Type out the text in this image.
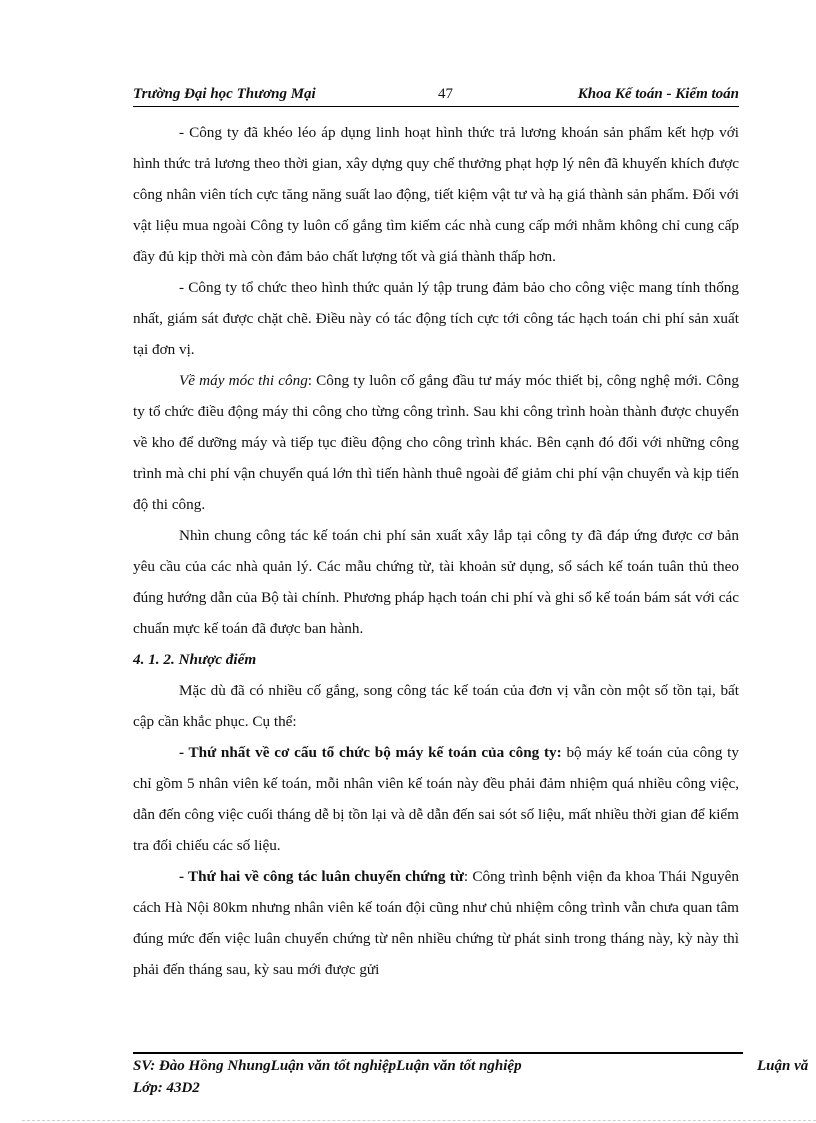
Trường Đại học Thương Mại	47	Khoa Kế toán - Kiểm toán

- Công ty đã khéo léo áp dụng linh hoạt hình thức trả lương khoán sản phẩm kết hợp với hình thức trả lương theo thời gian, xây dựng quy chế thưởng phạt hợp lý nên đã khuyến khích được công nhân viên tích cực tăng năng suất lao động, tiết kiệm vật tư và hạ giá thành sản phẩm. Đối với vật liệu mua ngoài Công ty luôn cố gắng tìm kiếm các nhà cung cấp mới nhằm không chỉ cung cấp đầy đủ kịp thời mà còn đảm bảo chất lượng tốt và giá thành thấp hơn.

- Công ty tổ chức theo hình thức quản lý tập trung đảm bảo cho công việc mang tính thống nhất, giám sát được chặt chẽ. Điều này có tác động tích cực tới công tác hạch toán chi phí sản xuất tại đơn vị.

Về máy móc thi công: Công ty luôn cố gắng đầu tư máy móc thiết bị, công nghệ mới. Công ty tổ chức điều động máy thi công cho từng công trình. Sau khi công trình hoàn thành được chuyển về kho để dưỡng máy và tiếp tục điều động cho công trình khác. Bên cạnh đó đối với những công trình mà chi phí vận chuyển quá lớn thì tiến hành thuê ngoài để giảm chi phí vận chuyển và kịp tiến độ thi công.

Nhìn chung công tác kế toán chi phí sản xuất xây lắp tại công ty đã đáp ứng được cơ bản yêu cầu của các nhà quản lý. Các mẫu chứng từ, tài khoản sử dụng, sổ sách kế toán tuân thủ theo đúng hướng dẫn của Bộ tài chính. Phương pháp hạch toán chi phí và ghi sổ kế toán bám sát với các chuẩn mực kế toán đã được ban hành.

4. 1. 2. Nhược điểm

Mặc dù đã có nhiều cố gắng, song công tác kế toán của đơn vị vẫn còn một số tồn tại, bất cập cần khắc phục. Cụ thể:

- Thứ nhất về cơ cấu tổ chức bộ máy kế toán của công ty: bộ máy kế toán của công ty chỉ gồm 5 nhân viên kế toán, mỗi nhân viên kế toán này đều phải đảm nhiệm quá nhiều công việc, dẫn đến công việc cuối tháng dễ bị tồn lại và dễ dẫn đến sai sót số liệu, mất nhiều thời gian để kiểm tra đối chiếu các số liệu.

- Thứ hai về công tác luân chuyển chứng từ: Công trình bệnh viện đa khoa Thái Nguyên cách Hà Nội 80km nhưng nhân viên kế toán đội cũng như chủ nhiệm công trình vẫn chưa quan tâm đúng mức đến việc luân chuyển chứng từ nên nhiều chứng từ phát sinh trong tháng này, kỳ này thì phải đến tháng sau, kỳ sau mới được gửi

SV: Đào Hồng NhungLuận văn tốt nghiệpLuận văn tốt nghiệp	Luận vă
Lớp: 43D2
